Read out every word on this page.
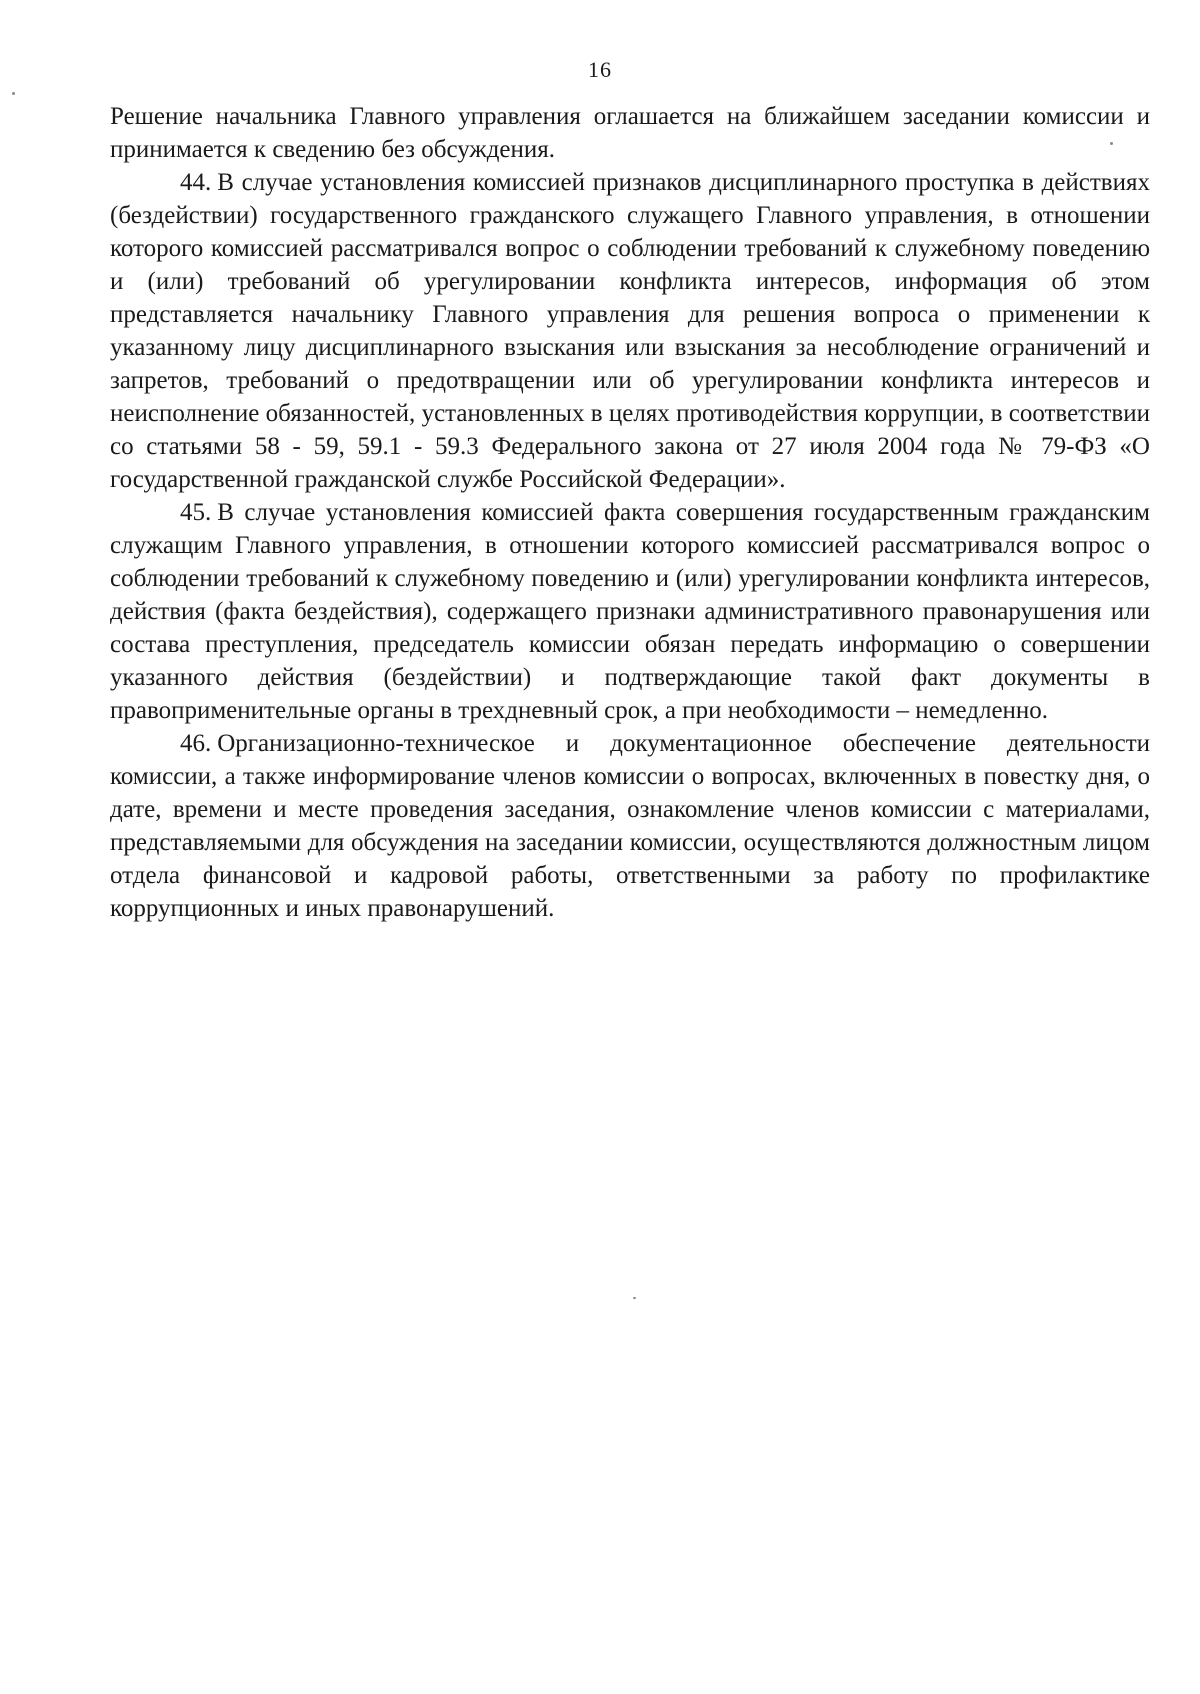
16

Решение начальника Главного управления оглашается на ближайшем заседании комиссии и принимается к сведению без обсуждения.

44. В случае установления комиссией признаков дисциплинарного проступка в действиях (бездействии) государственного гражданского служащего Главного управления, в отношении которого комиссией рассматривался вопрос о соблюдении требований к служебному поведению и (или) требований об урегулировании конфликта интересов, информация об этом представляется начальнику Главного управления для решения вопроса о применении к указанному лицу дисциплинарного взыскания или взыскания за несоблюдение ограничений и запретов, требований о предотвращении или об урегулировании конфликта интересов и неисполнение обязанностей, установленных в целях противодействия коррупции, в соответствии со статьями 58 - 59, 59.1 - 59.3 Федерального закона от 27 июля 2004 года № 79-ФЗ «О государственной гражданской службе Российской Федерации».

45. В случае установления комиссией факта совершения государственным гражданским служащим Главного управления, в отношении которого комиссией рассматривался вопрос о соблюдении требований к служебному поведению и (или) урегулировании конфликта интересов, действия (факта бездействия), содержащего признаки административного правонарушения или состава преступления, председатель комиссии обязан передать информацию о совершении указанного действия (бездействии) и подтверждающие такой факт документы в правоприменительные органы в трехдневный срок, а при необходимости – немедленно.

46. Организационно-техническое и документационное обеспечение деятельности комиссии, а также информирование членов комиссии о вопросах, включенных в повестку дня, о дате, времени и месте проведения заседания, ознакомление членов комиссии с материалами, представляемыми для обсуждения на заседании комиссии, осуществляются должностным лицом отдела финансовой и кадровой работы, ответственными за работу по профилактике коррупционных и иных правонарушений.
